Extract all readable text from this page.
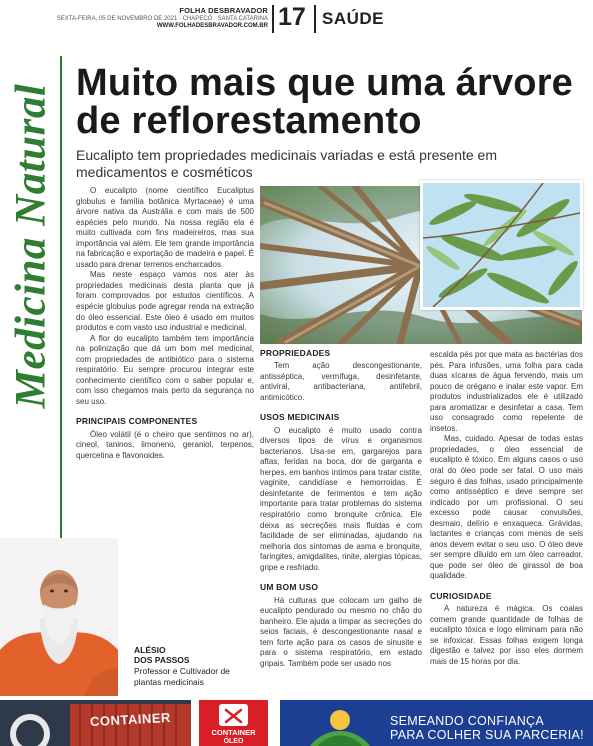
FOLHA DESBRAVADOR
SEXTA-FEIRA, 05 DE NOVEMBRO DE 2021 · CHAPECÓ · SANTA CATARINA
WWW.FOLHADESBRAVADOR.COM.BR 17 SAÚDE
Medicina Natural
Muito mais que uma árvore de reflorestamento
Eucalipto tem propriedades medicinais variadas e está presente em medicamentos e cosméticos

O eucalipto (nome científico Eucaliptus globulus e família botânica Myrtaceae) é uma árvore nativa da Austrália e com mais de 500 espécies pelo mundo. Na nossa região ela é muito cultivada com fins madeireiros, mas sua importância vai além. Ele tem grande importância na fabricação e exportação de madeira e papel. É usado para drenar terrenos encharcados.

Mas neste espaço vamos nos ater às propriedades medicinais desta planta que já foram comprovados por estudos científicos. A espécie globulus pode agregar renda na extração do óleo essencial. Este óleo é usado em muitos produtos e com vasto uso industrial e medicinal.

A flor do eucalipto também tem importância na polinização que dá um bom mel medicinal, com propriedades de antibiótico para o sistema respiratório. Eu sempre procurou integrar este conhecimento científico com o saber popular e, com isso chegamos mais perto da segurança no seu uso.

PRINCIPAIS COMPONENTES

Óleo volátil (é o cheiro que sentimos no ar), cineol, taninos, limoneno, geraniol, terpenos, quercetina e flavonoides.

PROPRIEDADES

Tem ação descongestionante, antisséptica, vermífuga, desinfetante, antiviral, antibacteriana, antifebril, antimicótico.

USOS MEDICINAIS

O eucalipto é muito usado contra diversos tipos de vírus e organismos bacterianos. Usa-se em, gargarejos para aftas, feridas na boca, dor de garganta e herpes, em banhos íntimos para tratar cistite, vaginite, candidíase e hemorroidas. É desinfetante de ferimentos e tem ação importante para tratar problemas do sistema respiratório como bronquite crônica. Ele deixa as secreções mais fluidas e com facilidade de ser eliminadas, ajudando na melhoria dos sintomas de asma e bronquite, faringites, amigdalites, rinite, alergias tópicas, gripe e resfriado.

UM BOM USO

Há culturas que colocam um galho de eucalipto pendurado ou mesmo no chão do banheiro. Ele ajuda a limpar as secreções do seios faciais, é descongestionante nasal e tem forte ação para os casos de sinusite e para o sistema respiratório, em estado gripais. Também pode ser usado nos

escalda pés por que mata as bactérias dos pés. Para infusões, uma folha para cada duas xícaras de água fervendo, mais um pouco de orégano e inalar este vapor. Em produtos industrializados ele é utilizado para aromatizar e desinfetar a casa. Tem uso consagrado como repelente de insetos.

Mas, cuidado. Apesar de todas estas propriedades, o óleo essencial de eucalipto é tóxico. Em alguns casos o uso oral do óleo pode ser fatal. O uso mais seguro é das folhas, usado principalmente como antisséptico e deve sempre ser indicado por um profissional. O seu excesso pode causar convulsões, desmaio, delírio e enxaqueca. Grávidas, lactantes e crianças com menos de seis anos devem evitar o seu uso. O óleo deve ser sempre diluído em um óleo carreador, que pode ser óleo de girassol de boa qualidade.

CURIOSIDADE

A natureza é mágica. Os coalas comem grande quantidade de folhas de eucalipto tóxica e logo eliminam para não se infoxicar. Essas folhas exigem longa digestão e talvez por isso eles dormem mais de 15 horas por dia.

ALÉSIO
DOS PASSOS
Professor e Cultivador de plantas medicinais
CONTAINER
CONTAINER
ÓLEO
SEMEANDO CONFIANÇA
PARA COLHER SUA PARCERIA!
